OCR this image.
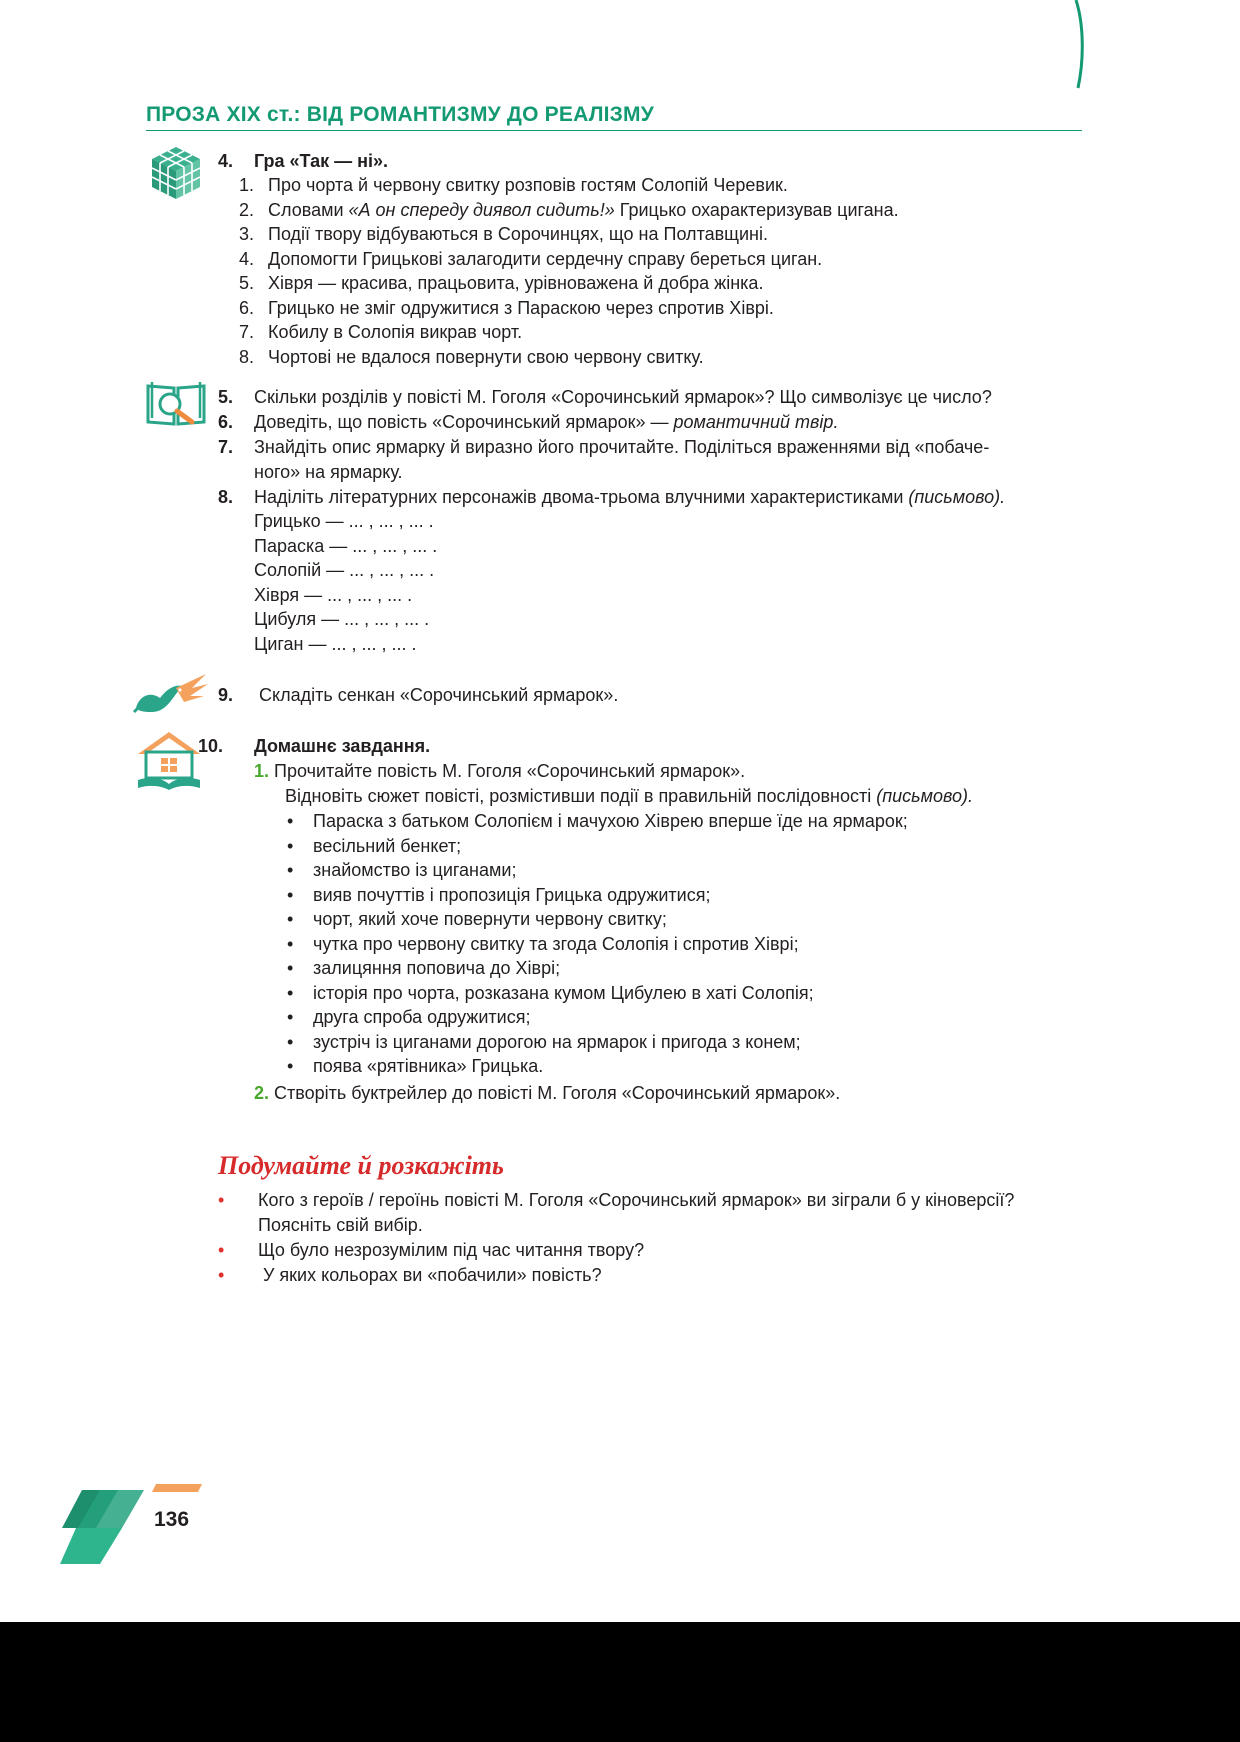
ПРОЗА XIX ст.: ВІД РОМАНТИЗМУ ДО РЕАЛІЗМУ
4. Гра «Так — ні».
1. Про чорта й червону свитку розповів гостям Солопій Черевик.
2. Словами «А он спереду диявол сидить!» Грицько охарактеризував цигана.
3. Події твору відбуваються в Сорочинцях, що на Полтавщині.
4. Допомогти Грицькові залагодити сердечну справу береться циган.
5. Хівря — красива, працьовита, урівноважена й добра жінка.
6. Грицько не зміг одружитися з Параскою через спротив Хіврі.
7. Кобилу в Солопія викрав чорт.
8. Чортові не вдалося повернути свою червону свитку.
5. Скільки розділів у повісті М. Гоголя «Сорочинський ярмарок»? Що символізує це число?
6. Доведіть, що повість «Сорочинський ярмарок» — романтичний твір.
7. Знайдіть опис ярмарку й виразно його прочитайте. Поділіться враженнями від «побаче-
ного» на ярмарку.
8. Наділіть літературних персонажів двома-трьома влучними характеристиками (письмово).
Грицько — ... , ... , ... .
Параска — ... , ... , ... .
Солопій — ... , ... , ... .
Хівря — ... , ... , ... .
Цибуля — ... , ... , ... .
Циган — ... , ... , ... .
9. Складіть сенкан «Сорочинський ярмарок».
10. Домашнє завдання.
1. Прочитайте повість М. Гоголя «Сорочинський ярмарок».
Відновіть сюжет повісті, розмістивши події в правильній послідовності (письмово).
• Параска з батьком Солопієм і мачухою Хіврею вперше їде на ярмарок;
• весільний бенкет;
• знайомство із циганами;
• вияв почуттів і пропозиція Грицька одружитися;
• чорт, який хоче повернути червону свитку;
• чутка про червону свитку та згода Солопія і спротив Хіврі;
• залицяння поповича до Хіврі;
• історія про чорта, розказана кумом Цибулею в хаті Солопія;
• друга спроба одружитися;
• зустріч із циганами дорогою на ярмарок і пригода з конем;
• поява «рятівника» Грицька.
2. Створіть буктрейлер до повісті М. Гоголя «Сорочинський ярмарок».
Подумайте й розкажіть
• Кого з героїв / героїнь повісті М. Гоголя «Сорочинський ярмарок» ви зіграли б у кіноверсії?
Поясніть свій вибір.
• Що було незрозумілим під час читання твору?
• У яких кольорах ви «побачили» повість?
136
